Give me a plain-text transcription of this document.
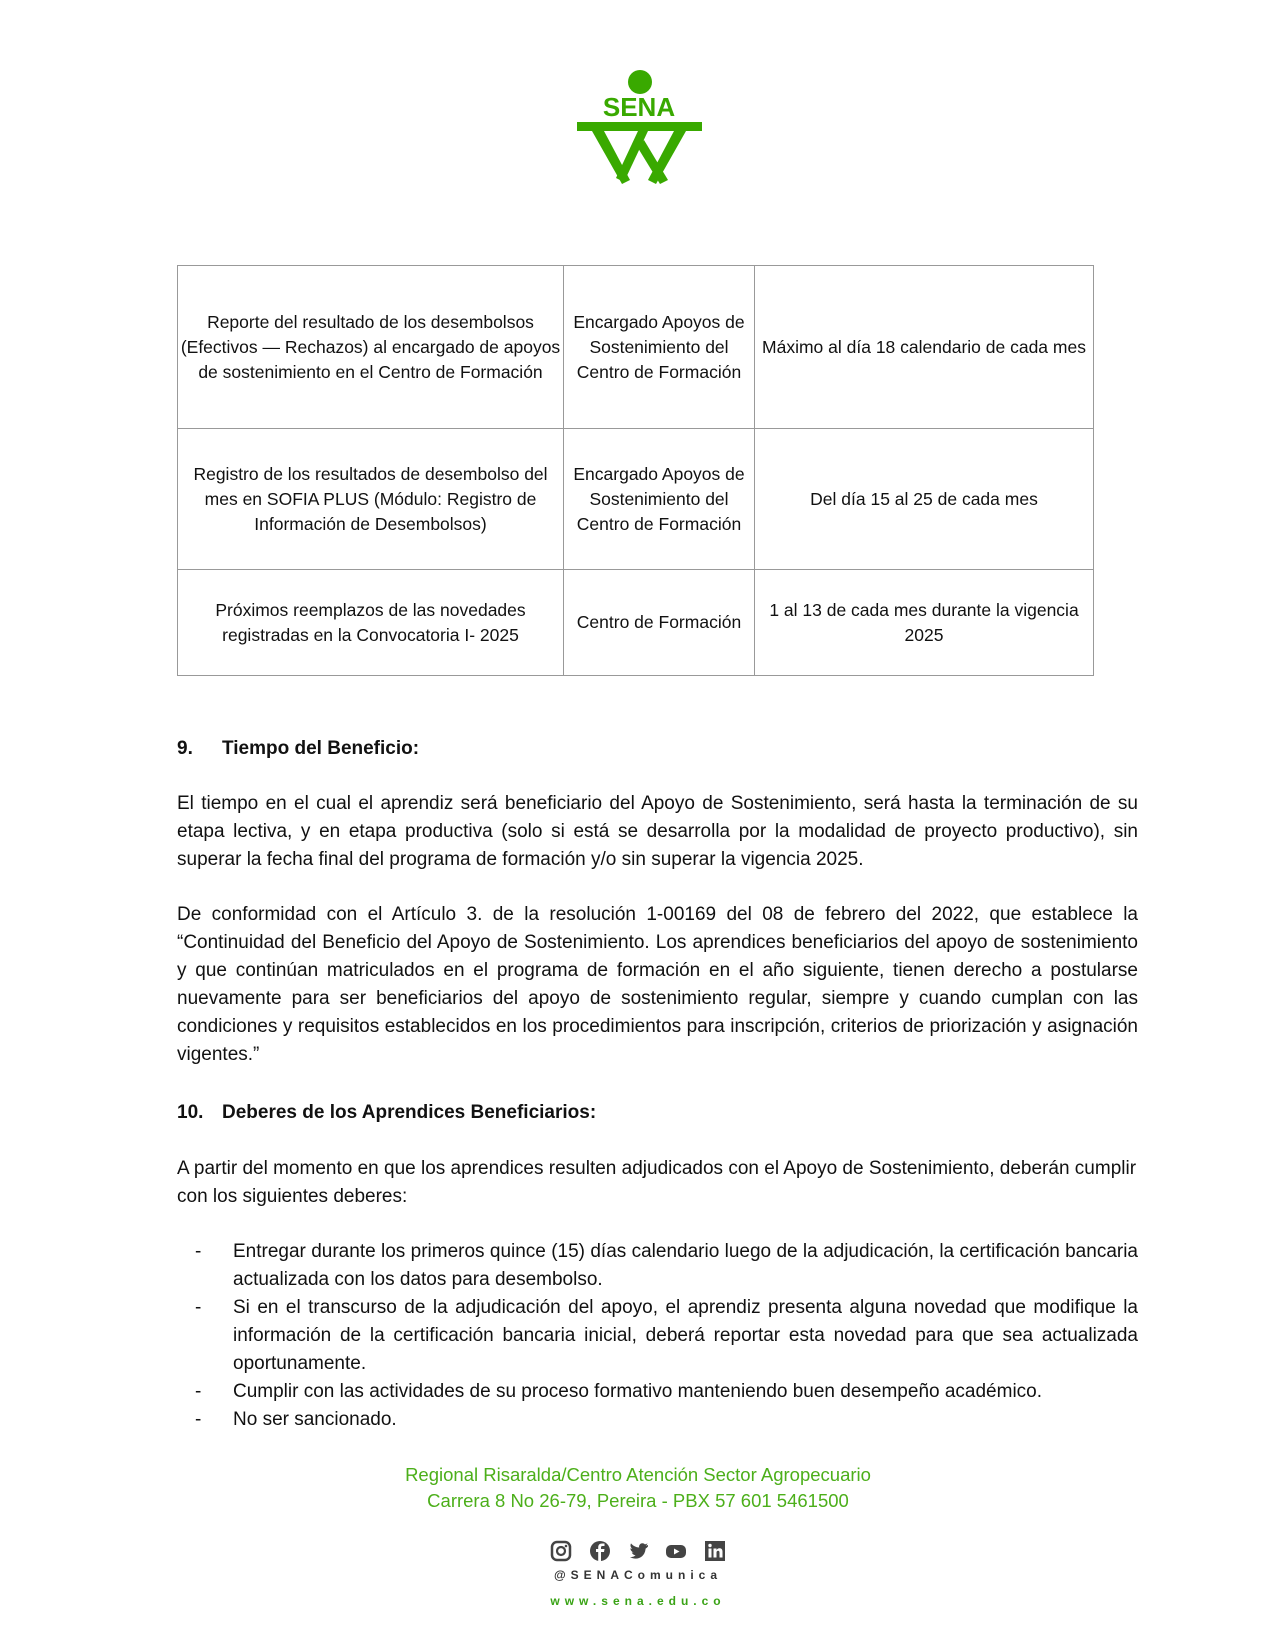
SENA
Reporte del resultado de los desembolsos (Efectivos — Rechazos) al encargado de apoyos de sostenimiento en el Centro de Formación	Encargado Apoyos de Sostenimiento del Centro de Formación	Máximo al día 18 calendario de cada mes
Registro de los resultados de desembolso del mes en SOFIA PLUS (Módulo: Registro de Información de Desembolsos)	Encargado Apoyos de Sostenimiento del Centro de Formación	Del día 15 al 25 de cada mes
Próximos reemplazos de las novedades registradas en la Convocatoria I- 2025	Centro de Formación	1 al 13 de cada mes durante la vigencia 2025
9. Tiempo del Beneficio:
El tiempo en el cual el aprendiz será beneficiario del Apoyo de Sostenimiento, será hasta la terminación de su etapa lectiva, y en etapa productiva (solo si está se desarrolla por la modalidad de proyecto productivo), sin superar la fecha final del programa de formación y/o sin superar la vigencia 2025.
De conformidad con el Artículo 3. de la resolución 1-00169 del 08 de febrero del 2022, que establece la “Continuidad del Beneficio del Apoyo de Sostenimiento. Los aprendices beneficiarios del apoyo de sostenimiento y que continúan matriculados en el programa de formación en el año siguiente, tienen derecho a postularse nuevamente para ser beneficiarios del apoyo de sostenimiento regular, siempre y cuando cumplan con las condiciones y requisitos establecidos en los procedimientos para inscripción, criterios de priorización y asignación vigentes.”
10. Deberes de los Aprendices Beneficiarios:
A partir del momento en que los aprendices resulten adjudicados con el Apoyo de Sostenimiento, deberán cumplir con los siguientes deberes:
- Entregar durante los primeros quince (15) días calendario luego de la adjudicación, la certificación bancaria actualizada con los datos para desembolso.
- Si en el transcurso de la adjudicación del apoyo, el aprendiz presenta alguna novedad que modifique la información de la certificación bancaria inicial, deberá reportar esta novedad para que sea actualizada oportunamente.
- Cumplir con las actividades de su proceso formativo manteniendo buen desempeño académico.
- No ser sancionado.
Regional Risaralda/Centro Atención Sector Agropecuario
Carrera 8 No 26-79, Pereira - PBX 57 601 5461500

@SENAComunica
www.sena.edu.co
